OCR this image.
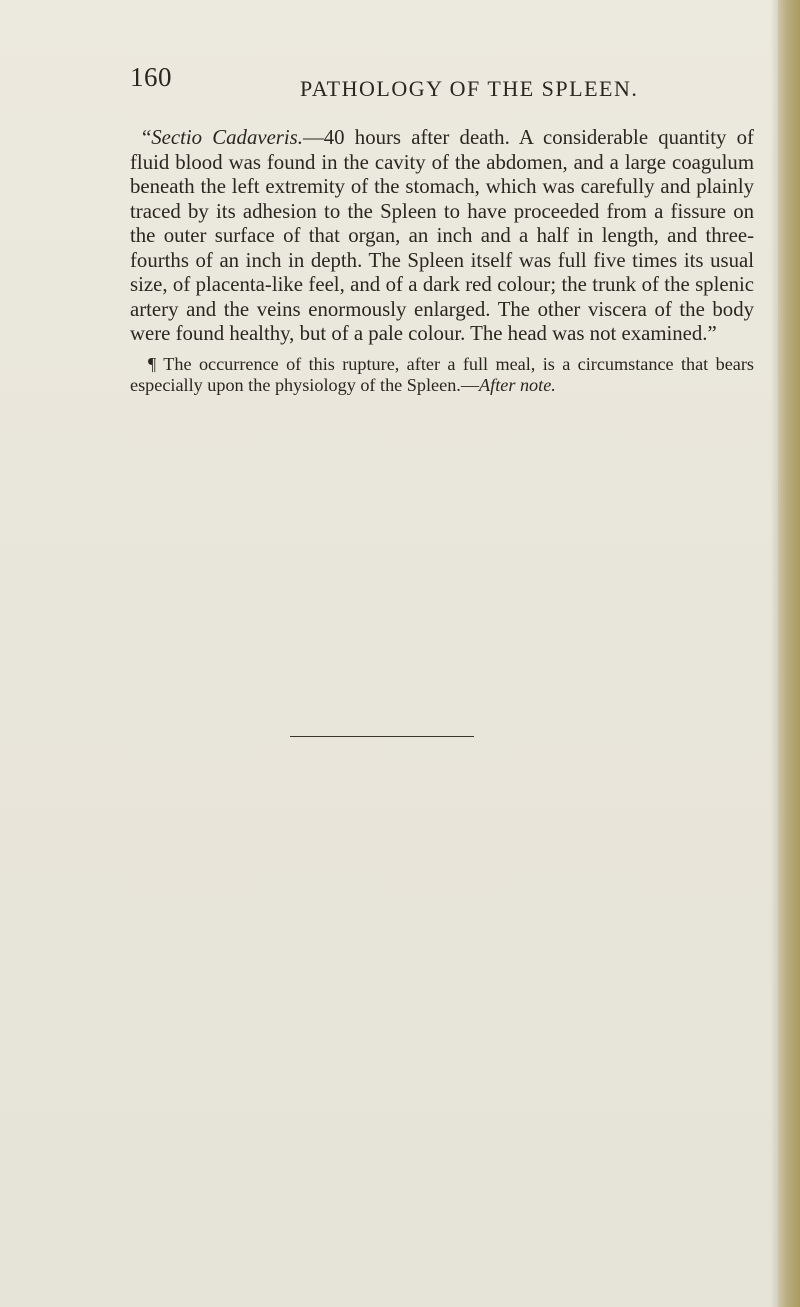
160	PATHOLOGY OF THE SPLEEN.

“Sectio Cadaveris.—40 hours after death. A considerable quantity of fluid blood was found in the cavity of the abdomen, and a large coagulum beneath the left extremity of the stomach, which was carefully and plainly traced by its adhesion to the Spleen to have proceeded from a fissure on the outer surface of that organ, an inch and a half in length, and three-fourths of an inch in depth. The Spleen itself was full five times its usual size, of placenta-like feel, and of a dark red colour; the trunk of the splenic artery and the veins enormously enlarged. The other viscera of the body were found healthy, but of a pale colour. The head was not examined.”

¶ The occurrence of this rupture, after a full meal, is a circumstance that bears especially upon the physiology of the Spleen.—After note.
